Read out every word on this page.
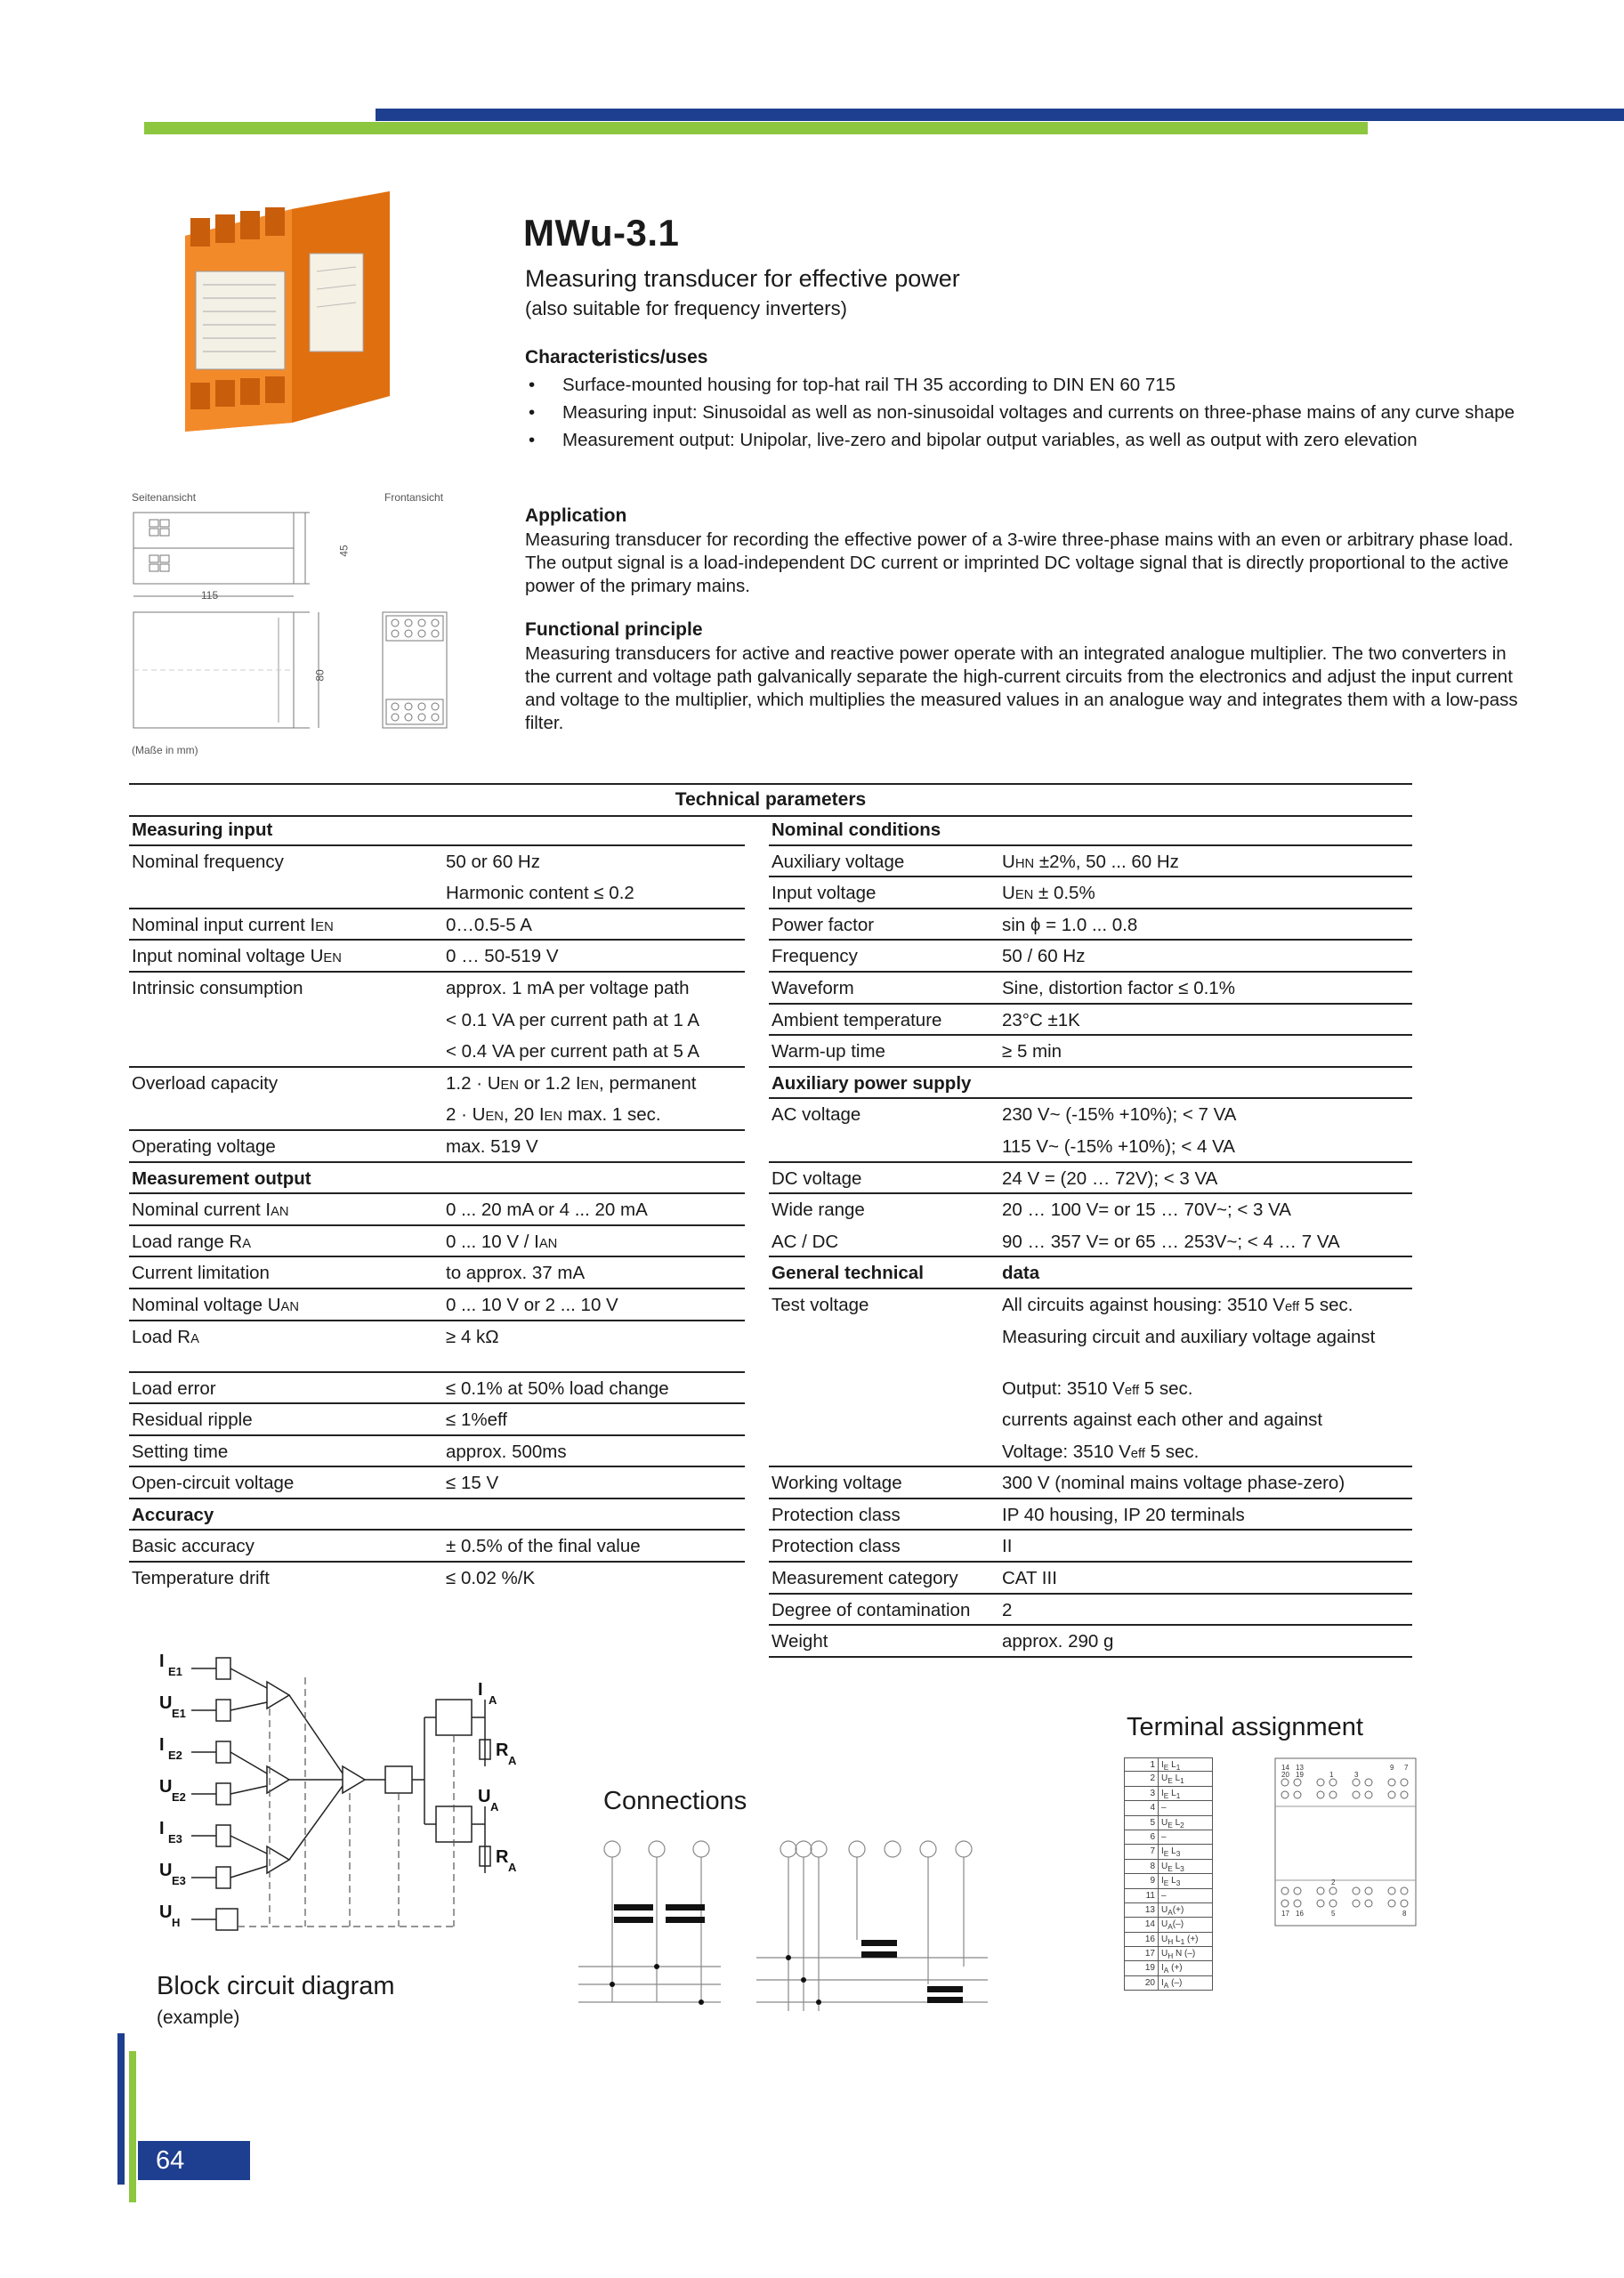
Seitenansicht	Frontansicht
115
45
80
(Maße in mm)
MWu-3.1
Measuring transducer for effective power
(also suitable for frequency inverters)
Characteristics/uses
• Surface-mounted housing for top-hat rail TH 35 according to DIN EN 60 715
• Measuring input: Sinusoidal as well as non-sinusoidal voltages and currents on three-phase mains of any curve shape
• Measurement output: Unipolar, live-zero and bipolar output variables, as well as output with zero elevation
Application
Measuring transducer for recording the effective power of a 3-wire three-phase mains with an even or arbitrary phase load. The output signal is a load-independent DC current or imprinted DC voltage signal that is directly proportional to the active power of the primary mains.
Functional principle
Measuring transducers for active and reactive power operate with an integrated analogue multiplier. The two converters in the current and voltage path galvanically separate the high-current circuits from the electronics and adjust the input current and voltage to the multiplier, which multiplies the measured values in an analogue way and integrates them with a low-pass filter.
Technical parameters
Measuring input
Nominal frequency	50 or 60 Hz
Harmonic content ≤ 0.2
Nominal input current IEN	0…0.5-5 A
Input nominal voltage UEN	0 … 50-519 V
Intrinsic consumption	approx. 1 mA per voltage path
< 0.1 VA per current path at 1 A
< 0.4 VA per current path at 5 A
Overload capacity	1.2 · UEN or 1.2 IEN, permanent
2 · UEN, 20 IEN max. 1 sec.
Operating voltage	max. 519 V
Measurement output
Nominal current IAN	0 ... 20 mA or 4 ... 20 mA
Load range RA	0 ... 10 V / IAN
Current limitation	to approx. 37 mA
Nominal voltage UAN	0 ... 10 V or 2 ... 10 V
Load RA	≥ 4 kΩ
Load error	≤ 0.1% at 50% load change
Residual ripple	≤ 1%eff
Setting time	approx. 500ms
Open-circuit voltage	≤ 15 V
Accuracy
Basic accuracy	± 0.5% of the final value
Temperature drift	≤ 0.02 %/K
Nominal conditions
Auxiliary voltage	UHN ±2%, 50 ... 60 Hz
Input voltage	UEN ± 0.5%
Power factor	sin ϕ = 1.0 ... 0.8
Frequency	50 / 60 Hz
Waveform	Sine, distortion factor ≤ 0.1%
Ambient temperature	23°C ±1K
Warm-up time	≥ 5 min
Auxiliary power supply
AC voltage	230 V~ (-15% +10%); < 7 VA
115 V~ (-15% +10%); < 4 VA
DC voltage	24 V = (20 … 72V); < 3 VA
Wide range	20 … 100 V= or 15 … 70V~; < 3 VA
AC / DC	90 … 357 V= or 65 … 253V~; < 4 … 7 VA
General technical	data
Test voltage	All circuits against housing: 3510 Veff 5 sec.
Measuring circuit and auxiliary voltage against
Output: 3510 Veff 5 sec.
currents against each other and against
Voltage: 3510 Veff 5 sec.
Working voltage	300 V (nominal mains voltage phase-zero)
Protection class	IP 40 housing, IP 20 terminals
Protection class	II
Measurement category CAT III
Degree of contamination 2
Weight	approx. 290 g
I
E1
U
E1
I
E2
U
E2
I
E3
U
E3
U
H
I
A
R
A
U
A
R
A
Block circuit diagram
(example)
Connections
Terminal assignment
1 $I_E$ $L_1$
2 $U_E$ $L_1$
3 $I_E$ $L_1$
4 –
5 $U_E$ $L_2$
6 –
7 $I_E$ $L_3$
8 $U_E$ $L_3$
9 $I_E$ $L_3$
11 –
13 $U_A(+)$
14 $U_A(-)$
16 $U_H$ $L_1$ (+)
17 $U_H$ N (–)
19 $I_A$ (+)
20 $I_A$ (–)
14 13
20 19	1	3
9 7
17 16
2
5	8
64
